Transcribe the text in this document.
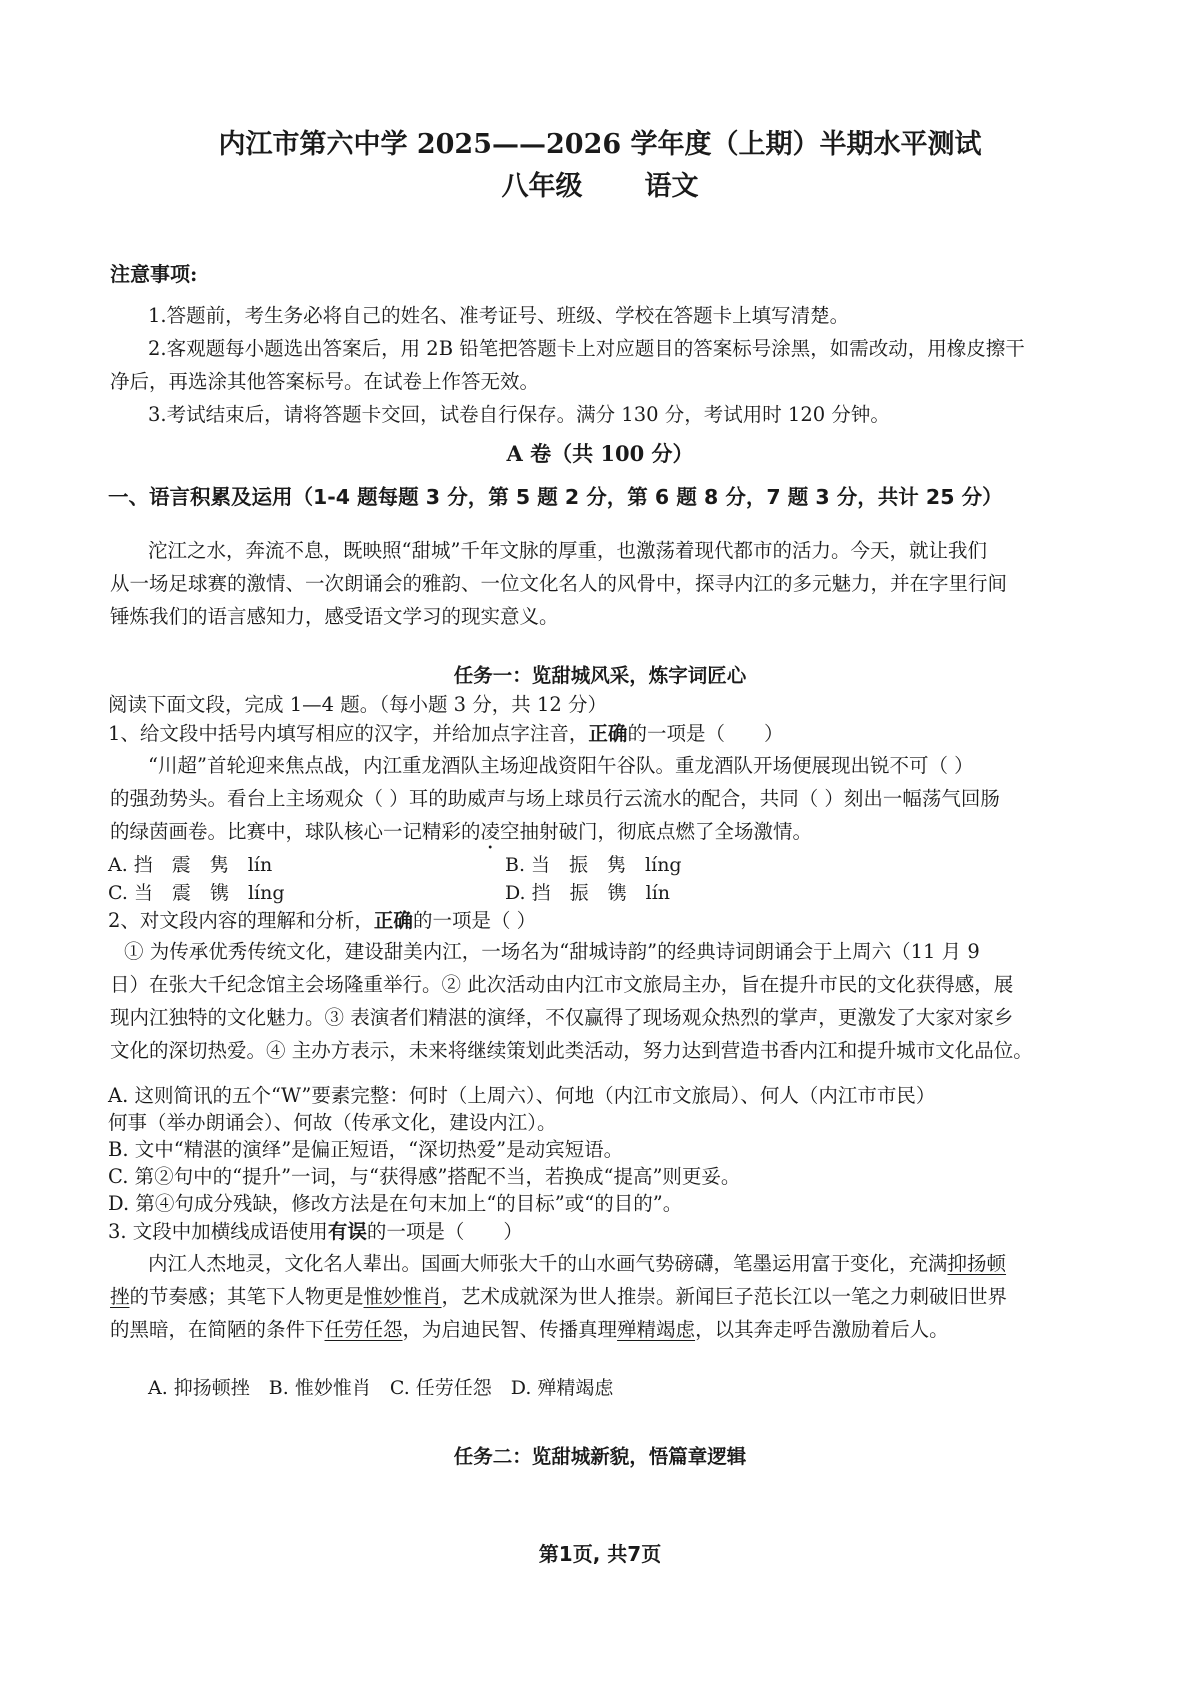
内江市第六中学 2025——2026 学年度（上期）半期水平测试
八年级 语文
注意事项:
1.答题前，考生务必将自己的姓名、准考证号、班级、学校在答题卡上填写清楚。
2.客观题每小题选出答案后，用 2B 铅笔把答题卡上对应题目的答案标号涂黑，如需改动，用橡皮擦干
净后，再选涂其他答案标号。在试卷上作答无效。
3.考试结束后，请将答题卡交回，试卷自行保存。满分 130 分，考试用时 120 分钟。
A 卷（共 100 分）
一、语言积累及运用（1-4 题每题 3 分，第 5 题 2 分，第 6 题 8 分，7 题 3 分，共计 25 分）
沱江之水，奔流不息，既映照“甜城”千年文脉的厚重，也激荡着现代都市的活力。今天，就让我们
从一场足球赛的激情、一次朗诵会的雅韵、一位文化名人的风骨中，探寻内江的多元魅力，并在字里行间
锤炼我们的语言感知力，感受语文学习的现实意义。
任务一：览甜城风采，炼字词匠心
阅读下面文段，完成 1—4 题。（每小题 3 分，共 12 分）
1、给文段中括号内填写相应的汉字，并给加点字注音，正确的一项是（　　）
“川超”首轮迎来焦点战，内江重龙酒队主场迎战资阳午谷队。重龙酒队开场便展现出锐不可（ ）
的强劲势头。看台上主场观众（ ）耳的助威声与场上球员行云流水的配合，共同（ ）刻出一幅荡气回肠
的绿茵画卷。比赛中，球队核心一记精彩的凌空抽射破门，彻底点燃了全场激情。
A. 挡　震　隽　lín	B. 当　振　隽　líng
C. 当　震　镌　líng	D. 挡　振　镌　lín
2、对文段内容的理解和分析，正确的一项是（ ）
① 为传承优秀传统文化，建设甜美内江，一场名为“甜城诗韵”的经典诗词朗诵会于上周六（11 月 9
日）在张大千纪念馆主会场隆重举行。② 此次活动由内江市文旅局主办，旨在提升市民的文化获得感，展
现内江独特的文化魅力。③ 表演者们精湛的演绎，不仅赢得了现场观众热烈的掌声，更激发了大家对家乡
文化的深切热爱。④ 主办方表示，未来将继续策划此类活动，努力达到营造书香内江和提升城市文化品位。
A. 这则简讯的五个“W”要素完整：何时（上周六）、何地（内江市文旅局）、何人（内江市市民）
何事（举办朗诵会）、何故（传承文化，建设内江）。
B. 文中“精湛的演绎”是偏正短语，“深切热爱”是动宾短语。
C. 第②句中的“提升”一词，与“获得感”搭配不当，若换成“提高”则更妥。
D. 第④句成分残缺，修改方法是在句末加上“的目标”或“的目的”。
3. 文段中加横线成语使用有误的一项是（　　）
内江人杰地灵，文化名人辈出。国画大师张大千的山水画气势磅礴，笔墨运用富于变化，充满抑扬顿
挫的节奏感；其笔下人物更是惟妙惟肖，艺术成就深为世人推崇。新闻巨子范长江以一笔之力刺破旧世界
的黑暗，在简陋的条件下任劳任怨，为启迪民智、传播真理殚精竭虑，以其奔走呼告激励着后人。
A. 抑扬顿挫　B. 惟妙惟肖　C. 任劳任怨　D. 殚精竭虑
任务二：览甜城新貌，悟篇章逻辑
第1页, 共7页
